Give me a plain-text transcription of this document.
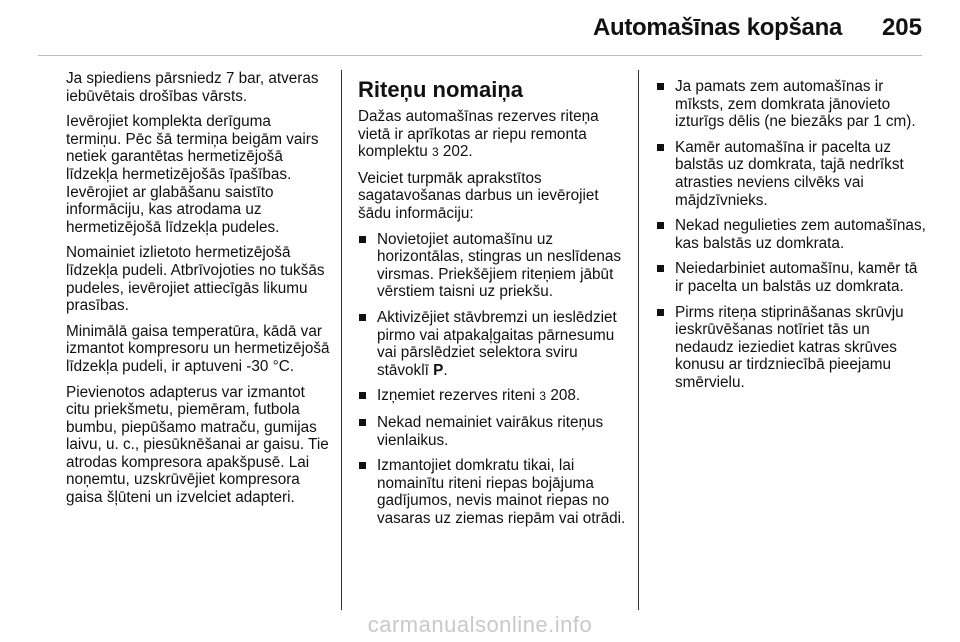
Automašīnas kopšana 205

Ja spiediens pārsniedz 7 bar, atveras iebūvētais drošības vārsts.

Ievērojiet komplekta derīguma termiņu. Pēc šā termiņa beigām vairs netiek garantētas hermetizējošā līdzekļa hermetizējošās īpašības. Ievērojiet ar glabāšanu saistīto informāciju, kas atrodama uz hermetizējošā līdzekļa pudeles.

Nomainiet izlietoto hermetizējošā līdzekļa pudeli. Atbrīvojoties no tukšās pudeles, ievērojiet attiecīgās likumu prasības.

Minimālā gaisa temperatūra, kādā var izmantot kompresoru un hermetizējošā līdzekļa pudeli, ir aptuveni -30 °C.

Pievienotos adapterus var izmantot citu priekšmetu, piemēram, futbola bumbu, piepūšamo matraču, gumijas laivu, u. c., piesūknēšanai ar gaisu. Tie atrodas kompresora apakšpusē. Lai noņemtu, uzskrūvējiet kompresora gaisa šļūteni un izvelciet adapteri.

Riteņu nomaiņa

Dažas automašīnas rezerves riteņa vietā ir aprīkotas ar riepu remonta komplektu 3 202.

Veiciet turpmāk aprakstītos sagatavošanas darbus un ievērojiet šādu informāciju:

Novietojiet automašīnu uz horizontālas, stingras un neslīdenas virsmas. Priekšējiem riteņiem jābūt vērstiem taisni uz priekšu.
Aktivizējiet stāvbremzi un ieslēdziet pirmo vai atpakaļgaitas pārnesumu vai pārslēdziet selektora sviru stāvoklī P.
Izņemiet rezerves riteni 3 208.
Nekad nemainiet vairākus riteņus vienlaikus.
Izmantojiet domkratu tikai, lai nomainītu riteni riepas bojājuma gadījumos, nevis mainot riepas no vasaras uz ziemas riepām vai otrādi.
Ja pamats zem automašīnas ir mīksts, zem domkrata jānovieto izturīgs dēlis (ne biezāks par 1 cm).
Kamēr automašīna ir pacelta uz balstās uz domkrata, tajā nedrīkst atrasties neviens cilvēks vai mājdzīvnieks.
Nekad negulieties zem automašīnas, kas balstās uz domkrata.
Neiedarbiniet automašīnu, kamēr tā ir pacelta un balstās uz domkrata.
Pirms riteņa stiprināšanas skrūvju ieskrūvēšanas notīriet tās un nedaudz ieziediet katras skrūves konusu ar tirdzniecībā pieejamu smērvielu.
carmanualsonline.info
